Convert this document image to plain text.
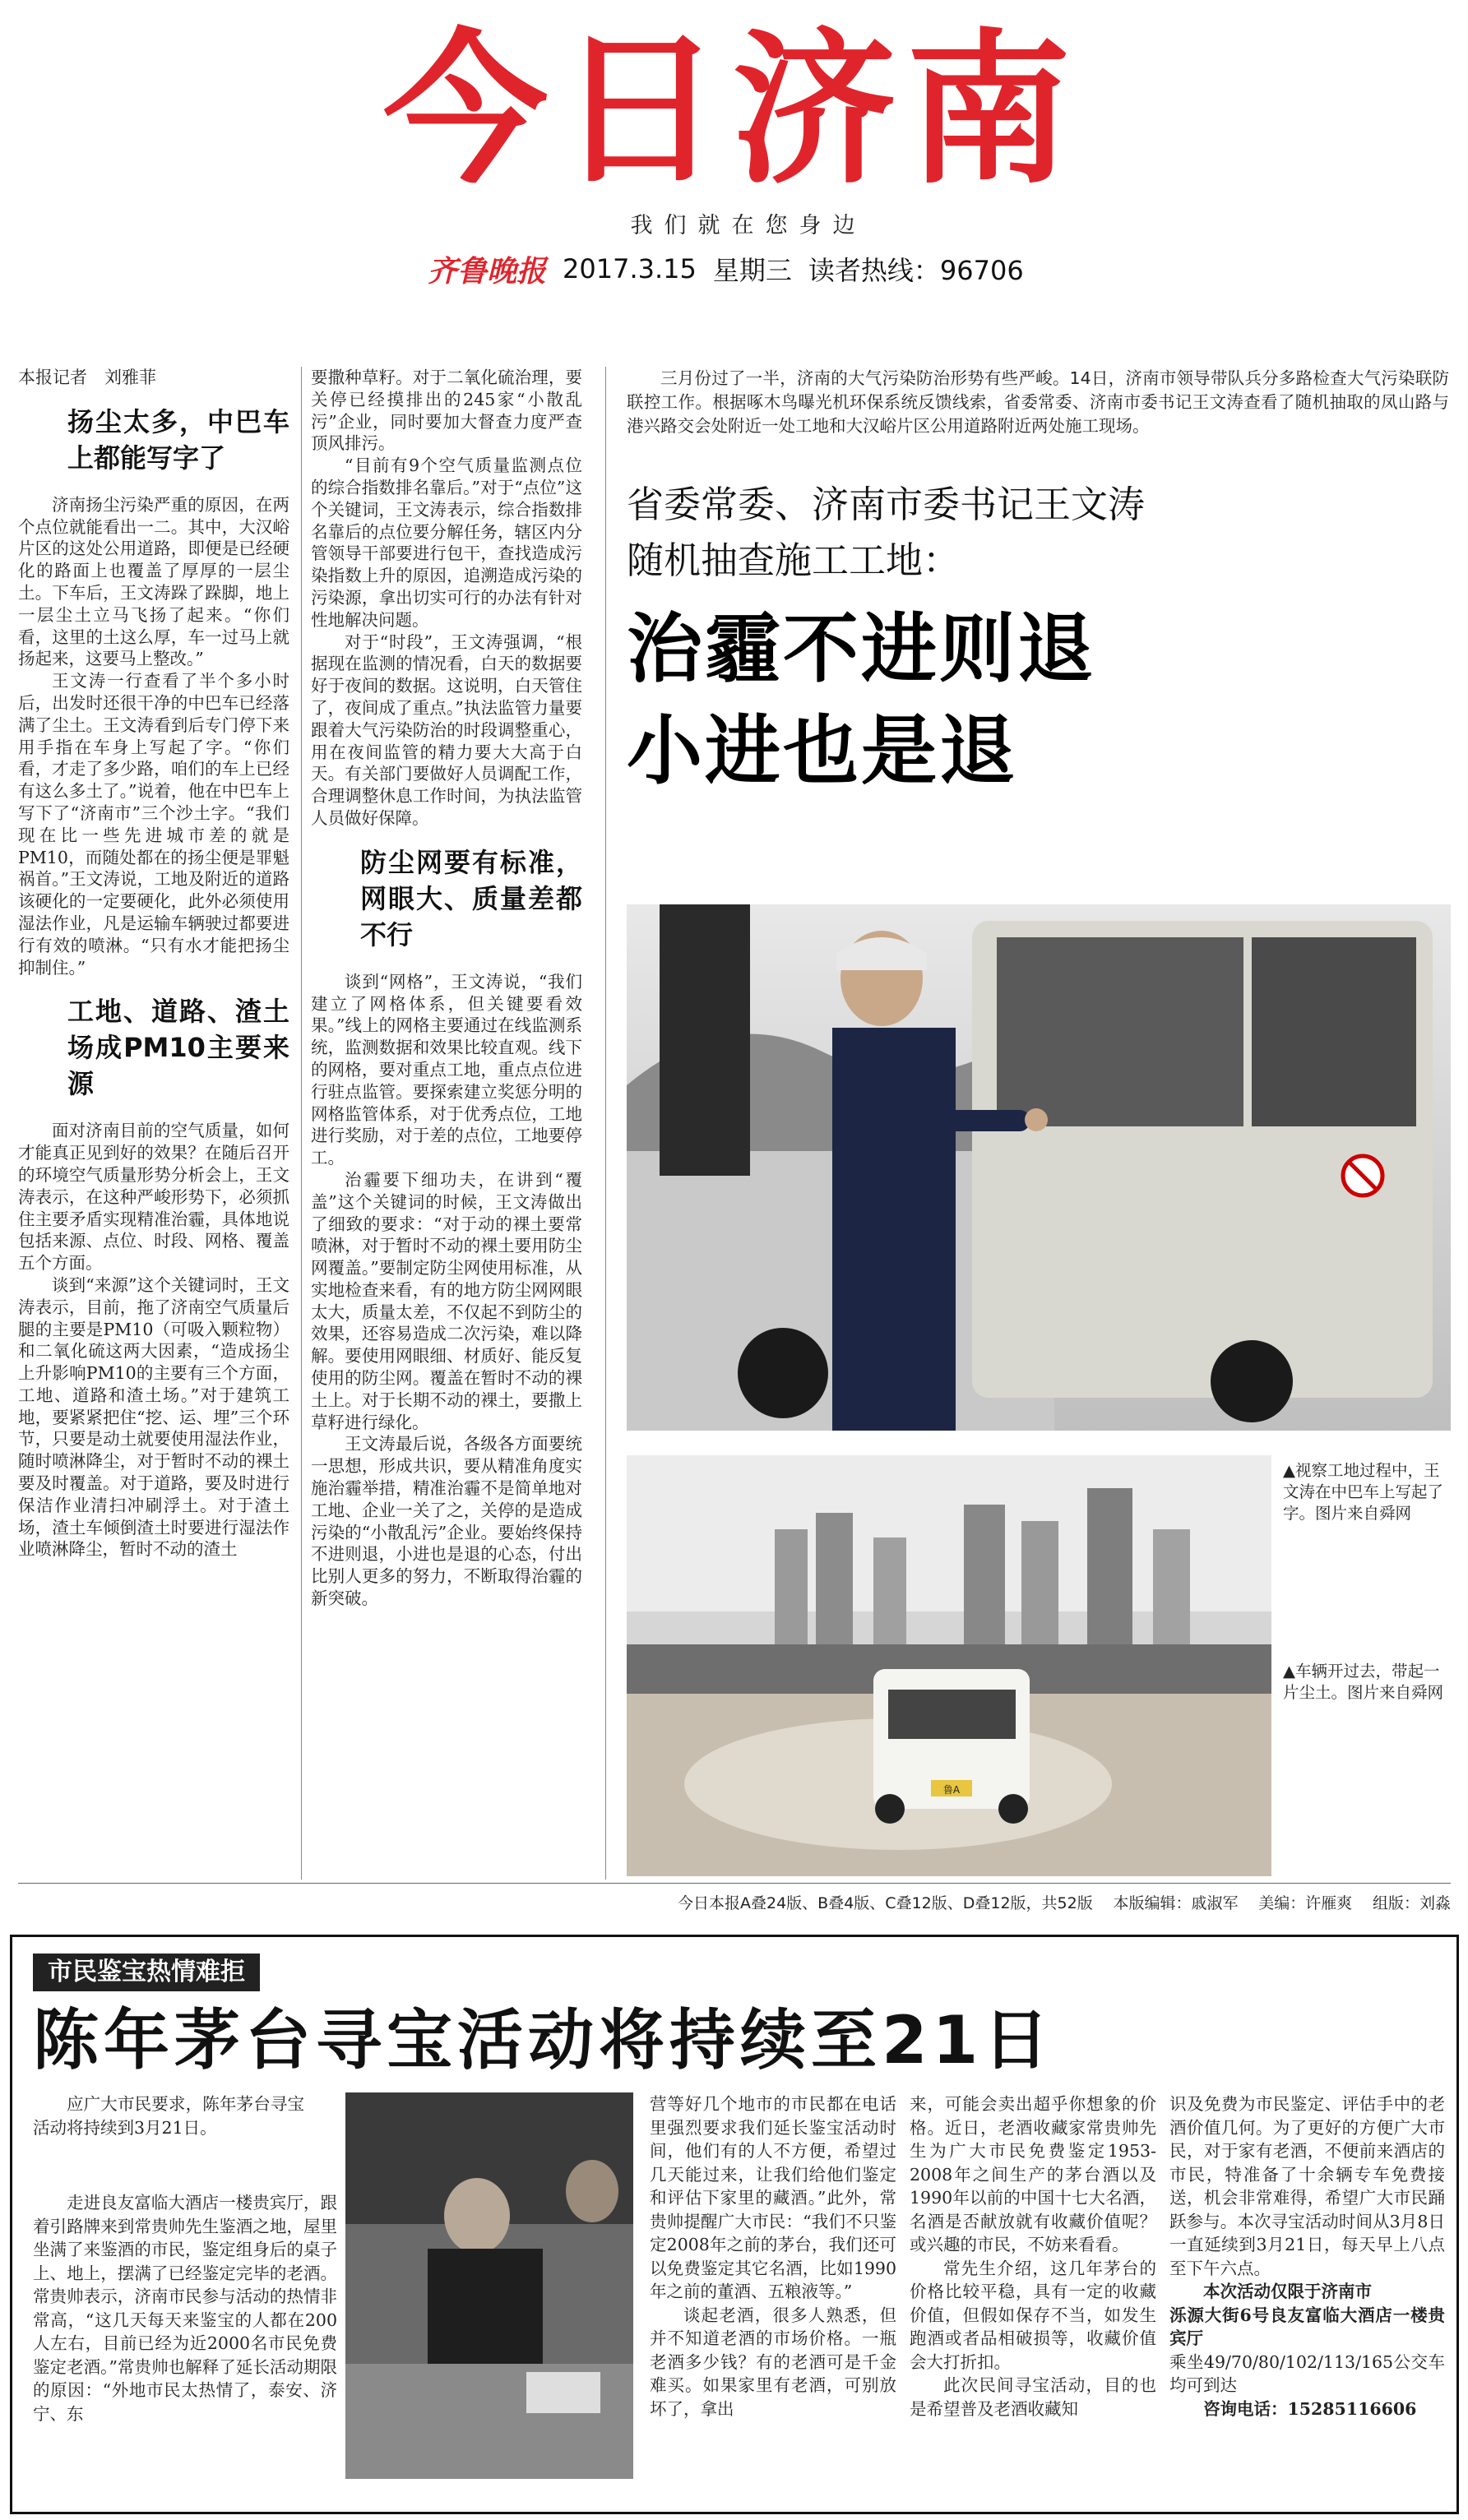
今日济南
我们就在您身边
齐鲁晚报 2017.3.15 星期三 读者热线：96706
本报记者　刘雅菲
扬尘太多，中巴车上都能写字了

济南扬尘污染严重的原因，在两个点位就能看出一二。其中，大汉峪片区的这处公用道路，即便是已经硬化的路面上也覆盖了厚厚的一层尘土。下车后，王文涛跺了跺脚，地上一层尘土立马飞扬了起来。“你们看，这里的土这么厚，车一过马上就扬起来，这要马上整改。”

王文涛一行查看了半个多小时后，出发时还很干净的中巴车已经落满了尘土。王文涛看到后专门停下来用手指在车身上写起了字。“你们看，才走了多少路，咱们的车上已经有这么多土了。”说着，他在中巴车上写下了“济南市”三个沙土字。“我们现在比一些先进城市差的就是PM10，而随处都在的扬尘便是罪魁祸首。”王文涛说，工地及附近的道路该硬化的一定要硬化，此外必须使用湿法作业，凡是运输车辆驶过都要进行有效的喷淋。“只有水才能把扬尘抑制住。”

工地、道路、渣土场成PM10主要来源

面对济南目前的空气质量，如何才能真正见到好的效果？在随后召开的环境空气质量形势分析会上，王文涛表示，在这种严峻形势下，必须抓住主要矛盾实现精准治霾，具体地说包括来源、点位、时段、网格、覆盖五个方面。

谈到“来源”这个关键词时，王文涛表示，目前，拖了济南空气质量后腿的主要是PM10（可吸入颗粒物）和二氧化硫这两大因素，“造成扬尘上升影响PM10的主要有三个方面，工地、道路和渣土场。”对于建筑工地，要紧紧把住“挖、运、埋”三个环节，只要是动土就要使用湿法作业，随时喷淋降尘，对于暂时不动的裸土要及时覆盖。对于道路，要及时进行保洁作业清扫冲刷浮土。对于渣土场，渣土车倾倒渣土时要进行湿法作业喷淋降尘，暂时不动的渣土

要撒种草籽。对于二氧化硫治理，要关停已经摸排出的245家“小散乱污”企业，同时要加大督查力度严查顶风排污。

“目前有9个空气质量监测点位的综合指数排名靠后。”对于“点位”这个关键词，王文涛表示，综合指数排名靠后的点位要分解任务，辖区内分管领导干部要进行包干，查找造成污染指数上升的原因，追溯造成污染的污染源，拿出切实可行的办法有针对性地解决问题。

对于“时段”，王文涛强调，“根据现在监测的情况看，白天的数据要好于夜间的数据。这说明，白天管住了，夜间成了重点。”执法监管力量要跟着大气污染防治的时段调整重心，用在夜间监管的精力要大大高于白天。有关部门要做好人员调配工作，合理调整休息工作时间，为执法监管人员做好保障。

防尘网要有标准，网眼大、质量差都不行

谈到“网格”，王文涛说，“我们建立了网格体系，但关键要看效果。”线上的网格主要通过在线监测系统，监测数据和效果比较直观。线下的网格，要对重点工地，重点点位进行驻点监管。要探索建立奖惩分明的网格监管体系，对于优秀点位，工地进行奖励，对于差的点位，工地要停工。

治霾要下细功夫，在讲到“覆盖”这个关键词的时候，王文涛做出了细致的要求：“对于动的裸土要常喷淋，对于暂时不动的裸土要用防尘网覆盖。”要制定防尘网使用标准，从实地检查来看，有的地方防尘网网眼太大，质量太差，不仅起不到防尘的效果，还容易造成二次污染，难以降解。要使用网眼细、材质好、能反复使用的防尘网。覆盖在暂时不动的裸土上。对于长期不动的裸土，要撒上草籽进行绿化。

王文涛最后说，各级各方面要统一思想，形成共识，要从精准角度实施治霾举措，精准治霾不是简单地对工地、企业一关了之，关停的是造成污染的“小散乱污”企业。要始终保持不进则退，小进也是退的心态，付出比别人更多的努力，不断取得治霾的新突破。

三月份过了一半，济南的大气污染防治形势有些严峻。14日，济南市领导带队兵分多路检查大气污染联防联控工作。根据啄木鸟曝光机环保系统反馈线索，省委常委、济南市委书记王文涛查看了随机抽取的凤山路与港兴路交会处附近一处工地和大汉峪片区公用道路附近两处施工现场。
省委常委、济南市委书记王文涛
随机抽查施工工地：
治霾不进则退
小进也是退
鲁A
▲视察工地过程中，王文涛在中巴车上写起了字。图片来自舜网
▲车辆开过去，带起一片尘土。图片来自舜网
今日本报A叠24版、B叠4版、C叠12版、D叠12版，共52版 本版编辑：戚淑军 美编：许雁爽 组版：刘淼
市民鉴宝热情难拒
陈年茅台寻宝活动将持续至21日

应广大市民要求，陈年茅台寻宝活动将持续到3月21日。

走进良友富临大酒店一楼贵宾厅，跟着引路牌来到常贵帅先生鉴酒之地，屋里坐满了来鉴酒的市民，鉴定组身后的桌子上、地上，摆满了已经鉴定完毕的老酒。常贵帅表示，济南市民参与活动的热情非常高，“这几天每天来鉴宝的人都在200人左右，目前已经为近2000名市民免费鉴定老酒。”常贵帅也解释了延长活动期限的原因：“外地市民太热情了，泰安、济宁、东

营等好几个地市的市民都在电话里强烈要求我们延长鉴宝活动时间，他们有的人不方便，希望过几天能过来，让我们给他们鉴定和评估下家里的藏酒。”此外，常贵帅提醒广大市民：“我们不只鉴定2008年之前的茅台，我们还可以免费鉴定其它名酒，比如1990年之前的董酒、五粮液等。”

谈起老酒，很多人熟悉，但并不知道老酒的市场价格。一瓶老酒多少钱？有的老酒可是千金难买。如果家里有老酒，可别放坏了，拿出

来，可能会卖出超乎你想象的价格。近日，老酒收藏家常贵帅先生为广大市民免费鉴定1953-2008年之间生产的茅台酒以及1990年以前的中国十七大名酒，名酒是否献放就有收藏价值呢？或兴趣的市民，不妨来看看。

常先生介绍，这几年茅台的价格比较平稳，具有一定的收藏价值，但假如保存不当，如发生跑酒或者品相破损等，收藏价值会大打折扣。

此次民间寻宝活动，目的也是希望普及老酒收藏知

识及免费为市民鉴定、评估手中的老酒价值几何。为了更好的方便广大市民，对于家有老酒，不便前来酒店的市民，特准备了十余辆专车免费接送，机会非常难得，希望广大市民踊跃参与。本次寻宝活动时间从3月8日一直延续到3月21日，每天早上八点至下午六点。

本次活动仅限于济南市

泺源大街6号良友富临大酒店一楼贵宾厅

乘坐49/70/80/102/113/165公交车均可到达

咨询电话：15285116606
